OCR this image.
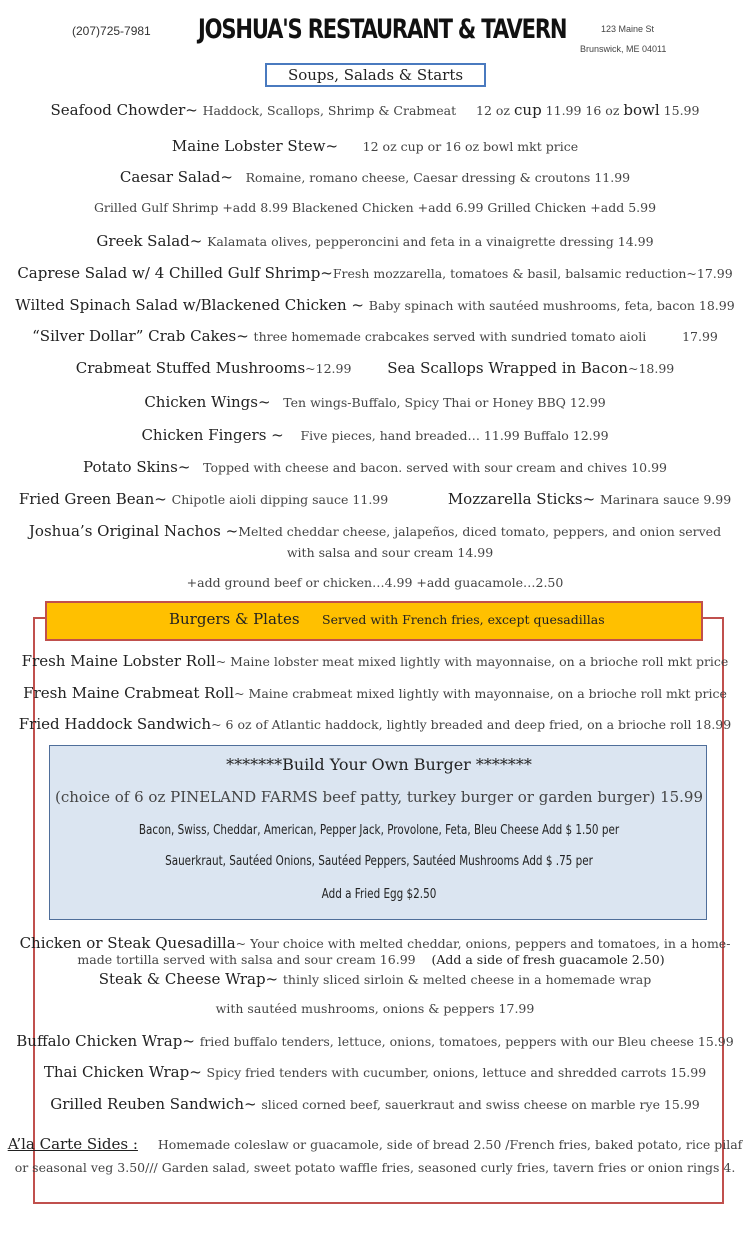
(207)725-7981 JOSHUA'S RESTAURANT & TAVERN	123 Maine St
Brunswick, ME 04011
Soups, Salads & Starts
Seafood Chowder~ Haddock, Scallops, Shrimp & Crabmeat 12 oz cup 11.99 16 oz bowl 15.99
Maine Lobster Stew~      12 oz cup or 16 oz bowl mkt price
Caesar Salad~   Romaine, romano cheese, Caesar dressing & croutons 11.99
Grilled Gulf Shrimp +add 8.99 Blackened Chicken +add 6.99 Grilled Chicken +add 5.99
Greek Salad~ Kalamata olives, pepperoncini and feta in a vinaigrette dressing 14.99
Caprese Salad w/ 4 Chilled Gulf Shrimp~Fresh mozzarella, tomatoes & basil, balsamic reduction~17.99
Wilted Spinach Salad w/Blackened Chicken ~ Baby spinach with sautéed mushrooms, feta, bacon 18.99
“Silver Dollar” Crab Cakes~ three homemade crabcakes served with sundried tomato aioli	17.99
Crabmeat Stuffed Mushrooms~12.99 Sea Scallops Wrapped in Bacon~18.99
Chicken Wings~   Ten wings-Buffalo, Spicy Thai or Honey BBQ 12.99
Chicken Fingers ~    Five pieces, hand breaded… 11.99 Buffalo 12.99
Potato Skins~   Topped with cheese and bacon. served with sour cream and chives 10.99
Fried Green Bean~ Chipotle aioli dipping sauce 11.99	Mozzarella Sticks~ Marinara sauce 9.99
Joshua’s Original Nachos ~Melted cheddar cheese, jalapeños, diced tomato, peppers, and onion served
with salsa and sour cream 14.99
+add ground beef or chicken…4.99 +add guacamole…2.50
Burgers & Plates Served with French fries, except quesadillas
Fresh Maine Lobster Roll~ Maine lobster meat mixed lightly with mayonnaise, on a brioche roll mkt price
Fresh Maine Crabmeat Roll~ Maine crabmeat mixed lightly with mayonnaise, on a brioche roll mkt price
Fried Haddock Sandwich~ 6 oz of Atlantic haddock, lightly breaded and deep fried, on a brioche roll 18.99
*******Build Your Own Burger *******
(choice of 6 oz PINELAND FARMS beef patty, turkey burger or garden burger) 15.99
Bacon, Swiss, Cheddar, American, Pepper Jack, Provolone, Feta, Bleu Cheese Add $ 1.50 per
Sauerkraut, Sautéed Onions, Sautéed Peppers, Sautéed Mushrooms Add $ .75 per
Add a Fried Egg $2.50
Chicken or Steak Quesadilla~ Your choice with melted cheddar, onions, peppers and tomatoes, in a home-
made tortilla served with salsa and sour cream 16.99 (Add a side of fresh guacamole 2.50)
Steak & Cheese Wrap~ thinly sliced sirloin & melted cheese in a homemade wrap
with sautéed mushrooms, onions & peppers 17.99
Buffalo Chicken Wrap~ fried buffalo tenders, lettuce, onions, tomatoes, peppers with our Bleu cheese 15.99
Thai Chicken Wrap~ Spicy fried tenders with cucumber, onions, lettuce and shredded carrots 15.99
Grilled Reuben Sandwich~ sliced corned beef, sauerkraut and swiss cheese on marble rye 15.99
A’la Carte Sides : Homemade coleslaw or guacamole, side of bread 2.50 /French fries, baked potato, rice pilaf
or seasonal veg 3.50/// Garden salad, sweet potato waffle fries, seasoned curly fries, tavern fries or onion rings 4.
